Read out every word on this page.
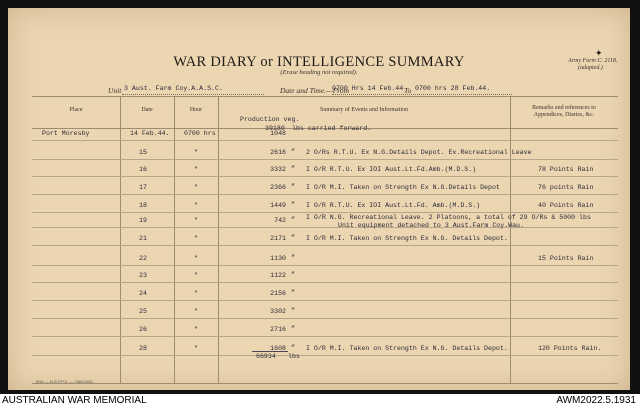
WAR DIARY or INTELLIGENCE SUMMARY
(Erase heading not required).
Army Form C. 2118.
(adapted.)
✦
Unit 3 Aust. Farm Coy.A.A.S.C.	Date and Time.—From
0700 Hrs 14 Feb.44 To 0700 hrs 28 Feb.44.
Place	Date	Hour	Summary of Events and Information	Remarks and references to
Appendices, Diaries, &c.
Production veg.
39180 lbs carried forward.
Port Moresby	14 Feb.44. 0700 hrs	1048
15	"	2616 ” 2 O/Rs R.T.U. Ex N.G.Details Depot. Ex.Recreational Leave
16	"	3332 ” I O/R R.T.U. Ex IOI Aust.Lt.Fd.Amb.(M.D.S.)	78 Points Rain
17	"	2366 ” I O/R M.I. Taken on Strength Ex N.G.Details Depot	76 points Rain
18	"	1449 ” I O/R R.T.U. Ex IOI Aust.Lt.Fd. Amb.(M.D.S.)	40 Points Rain
19	"	742 ” I O/R N.G. Recreational Leave. 2 Platoons, a total of 29 O/Rs & 5000 lbs
Unit equipment detached to 3 Aust.Farm Coy.Wau.
21	"	2171 ” I O/R M.I. Taken on Strength Ex N.G. Details Depot.
22	"	1130 ”	15 Points Rain
23	"	1122 ”
24	"	2156 ”
25	"	3302 ”
26	"	2716 ”
28	"	1608 ” I O/R M.I. Taken on Strength Ex N.G. Details Depot.	120 Points Rain.
66934 lbs
B/W — N.G.P.P.S. — 7/66/1943.
AUSTRALIAN WAR MEMORIAL	AWM2022.5.1931
